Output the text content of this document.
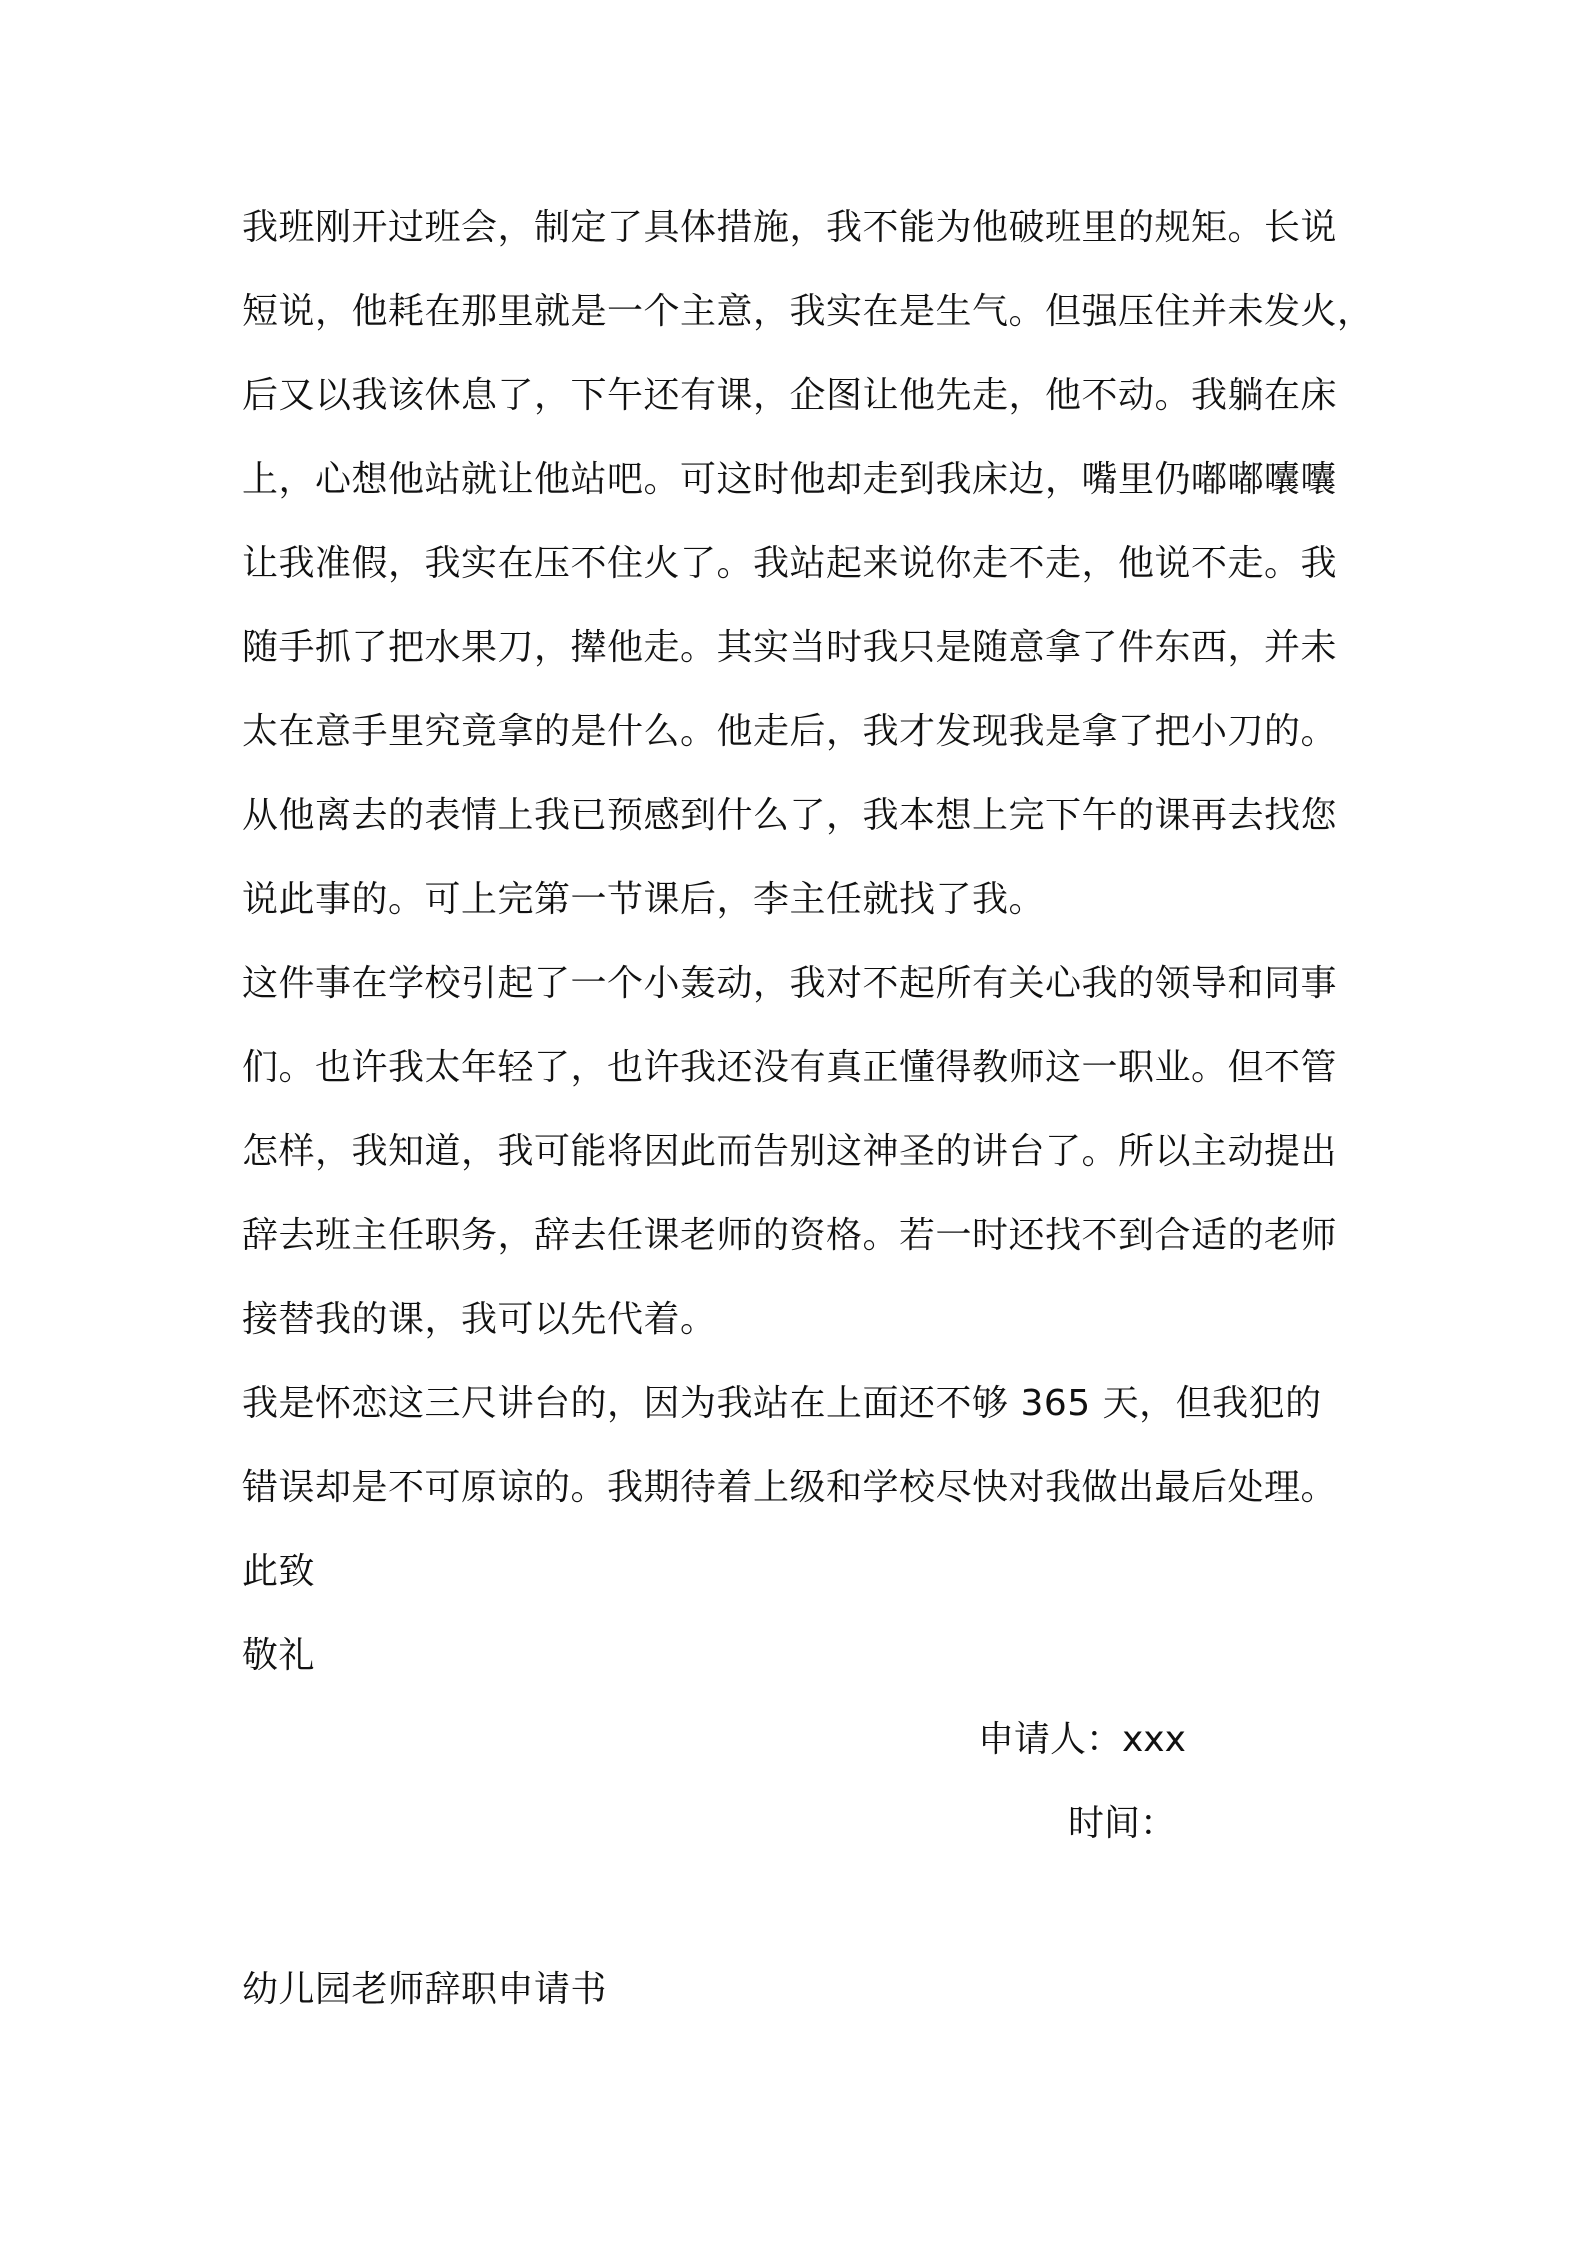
我班刚开过班会，制定了具体措施，我不能为他破班里的规矩。长说
短说，他耗在那里就是一个主意，我实在是生气。但强压住并未发火，
后又以我该休息了，下午还有课，企图让他先走，他不动。我躺在床
上，心想他站就让他站吧。可这时他却走到我床边，嘴里仍嘟嘟囔囔
让我准假，我实在压不住火了。我站起来说你走不走，他说不走。我
随手抓了把水果刀，撵他走。其实当时我只是随意拿了件东西，并未
太在意手里究竟拿的是什么。他走后，我才发现我是拿了把小刀的。
从他离去的表情上我已预感到什么了，我本想上完下午的课再去找您
说此事的。可上完第一节课后，李主任就找了我。
这件事在学校引起了一个小轰动，我对不起所有关心我的领导和同事
们。也许我太年轻了，也许我还没有真正懂得教师这一职业。但不管
怎样，我知道，我可能将因此而告别这神圣的讲台了。所以主动提出
辞去班主任职务，辞去任课老师的资格。若一时还找不到合适的老师
接替我的课，我可以先代着。
我是怀恋这三尺讲台的，因为我站在上面还不够 365 天，但我犯的
错误却是不可原谅的。我期待着上级和学校尽快对我做出最后处理。
此致
敬礼
申请人：xxx
时间：
幼儿园老师辞职申请书
